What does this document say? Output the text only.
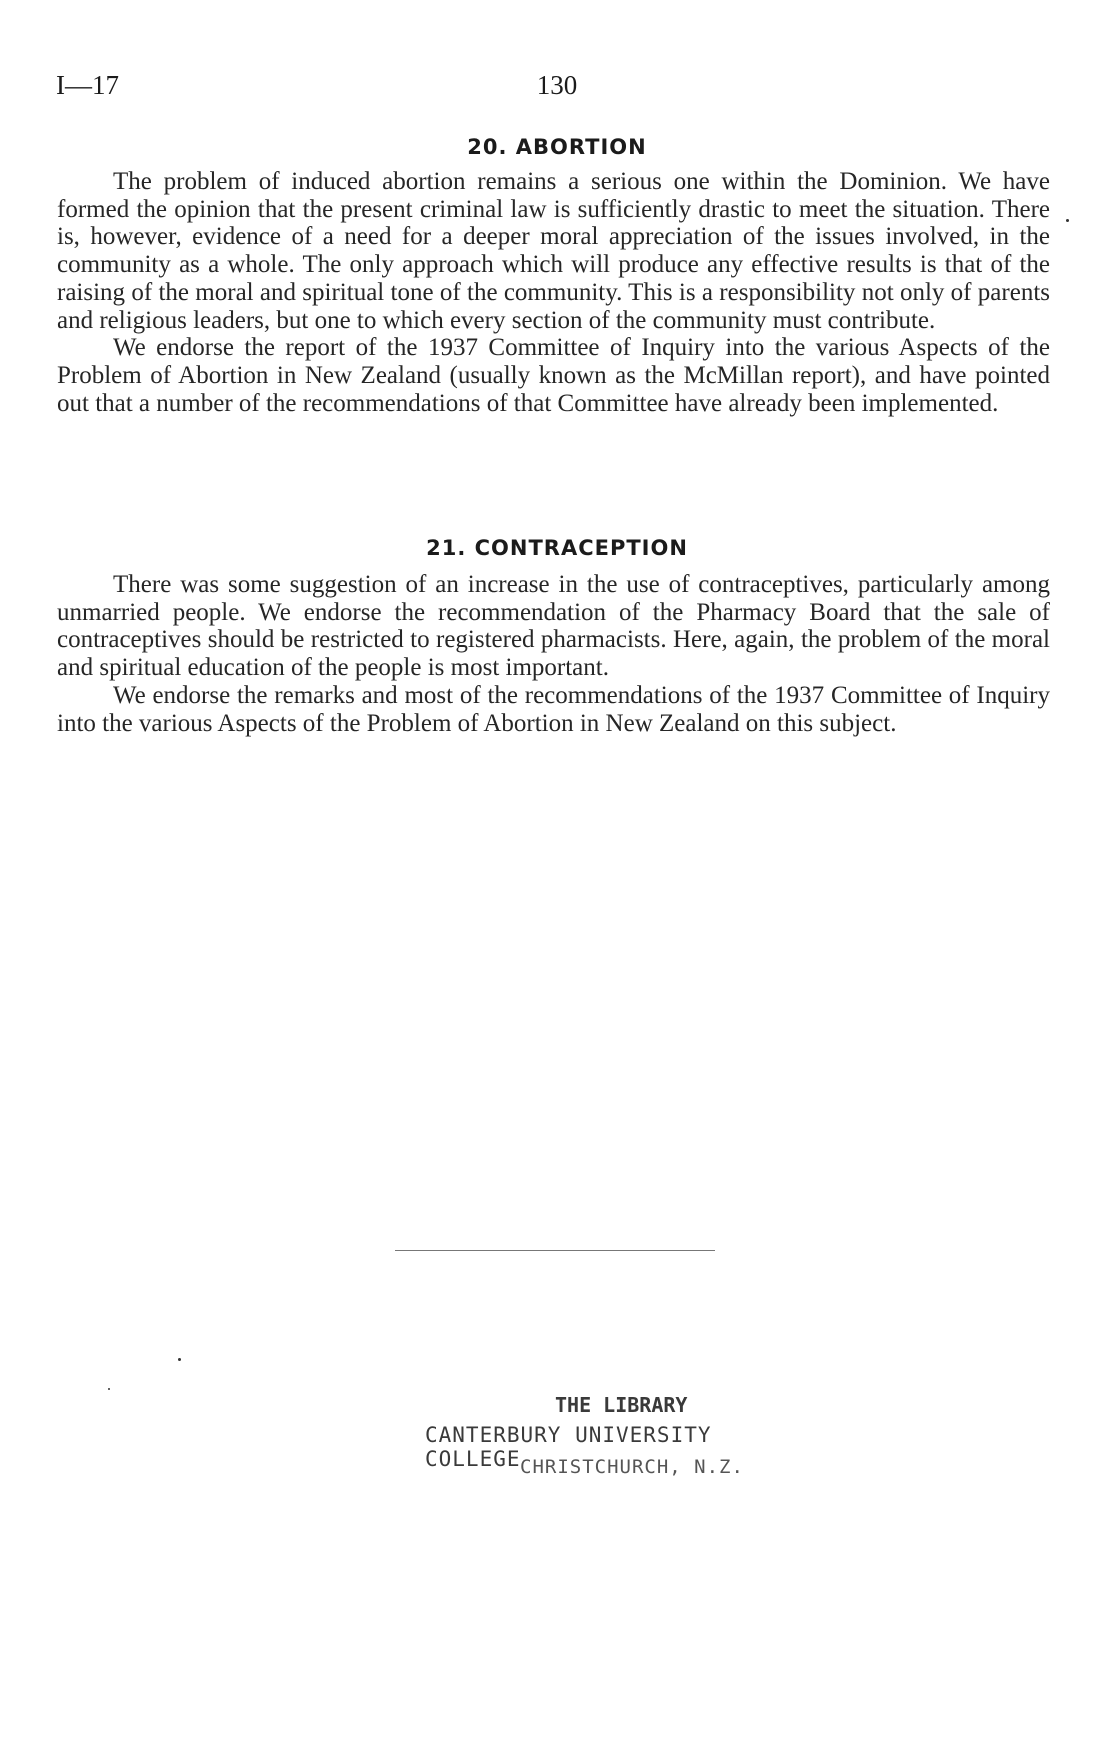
I—17	130
20. ABORTION

The problem of induced abortion remains a serious one within the Dominion. We have formed the opinion that the present criminal law is sufficiently drastic to meet the situation. There is, however, evidence of a need for a deeper moral appreciation of the issues involved, in the community as a whole. The only approach which will produce any effective results is that of the raising of the moral and spiritual tone of the community. This is a responsibility not only of parents and religious leaders, but one to which every section of the community must contribute.

We endorse the report of the 1937 Committee of Inquiry into the various Aspects of the Problem of Abortion in New Zealand (usually known as the McMillan report), and have pointed out that a number of the recommendations of that Committee have already been implemented.

21. CONTRACEPTION

There was some suggestion of an increase in the use of contraceptives, particularly among unmarried people. We endorse the recommendation of the Pharmacy Board that the sale of contraceptives should be restricted to registered pharmacists. Here, again, the problem of the moral and spiritual education of the people is most important.

We endorse the remarks and most of the recommendations of the 1937 Committee of Inquiry into the various Aspects of the Problem of Abortion in New Zealand on this subject.

THE LIBRARY
CANTERBURY UNIVERSITY COLLEGE CHRISTCHURCH, N.Z.
